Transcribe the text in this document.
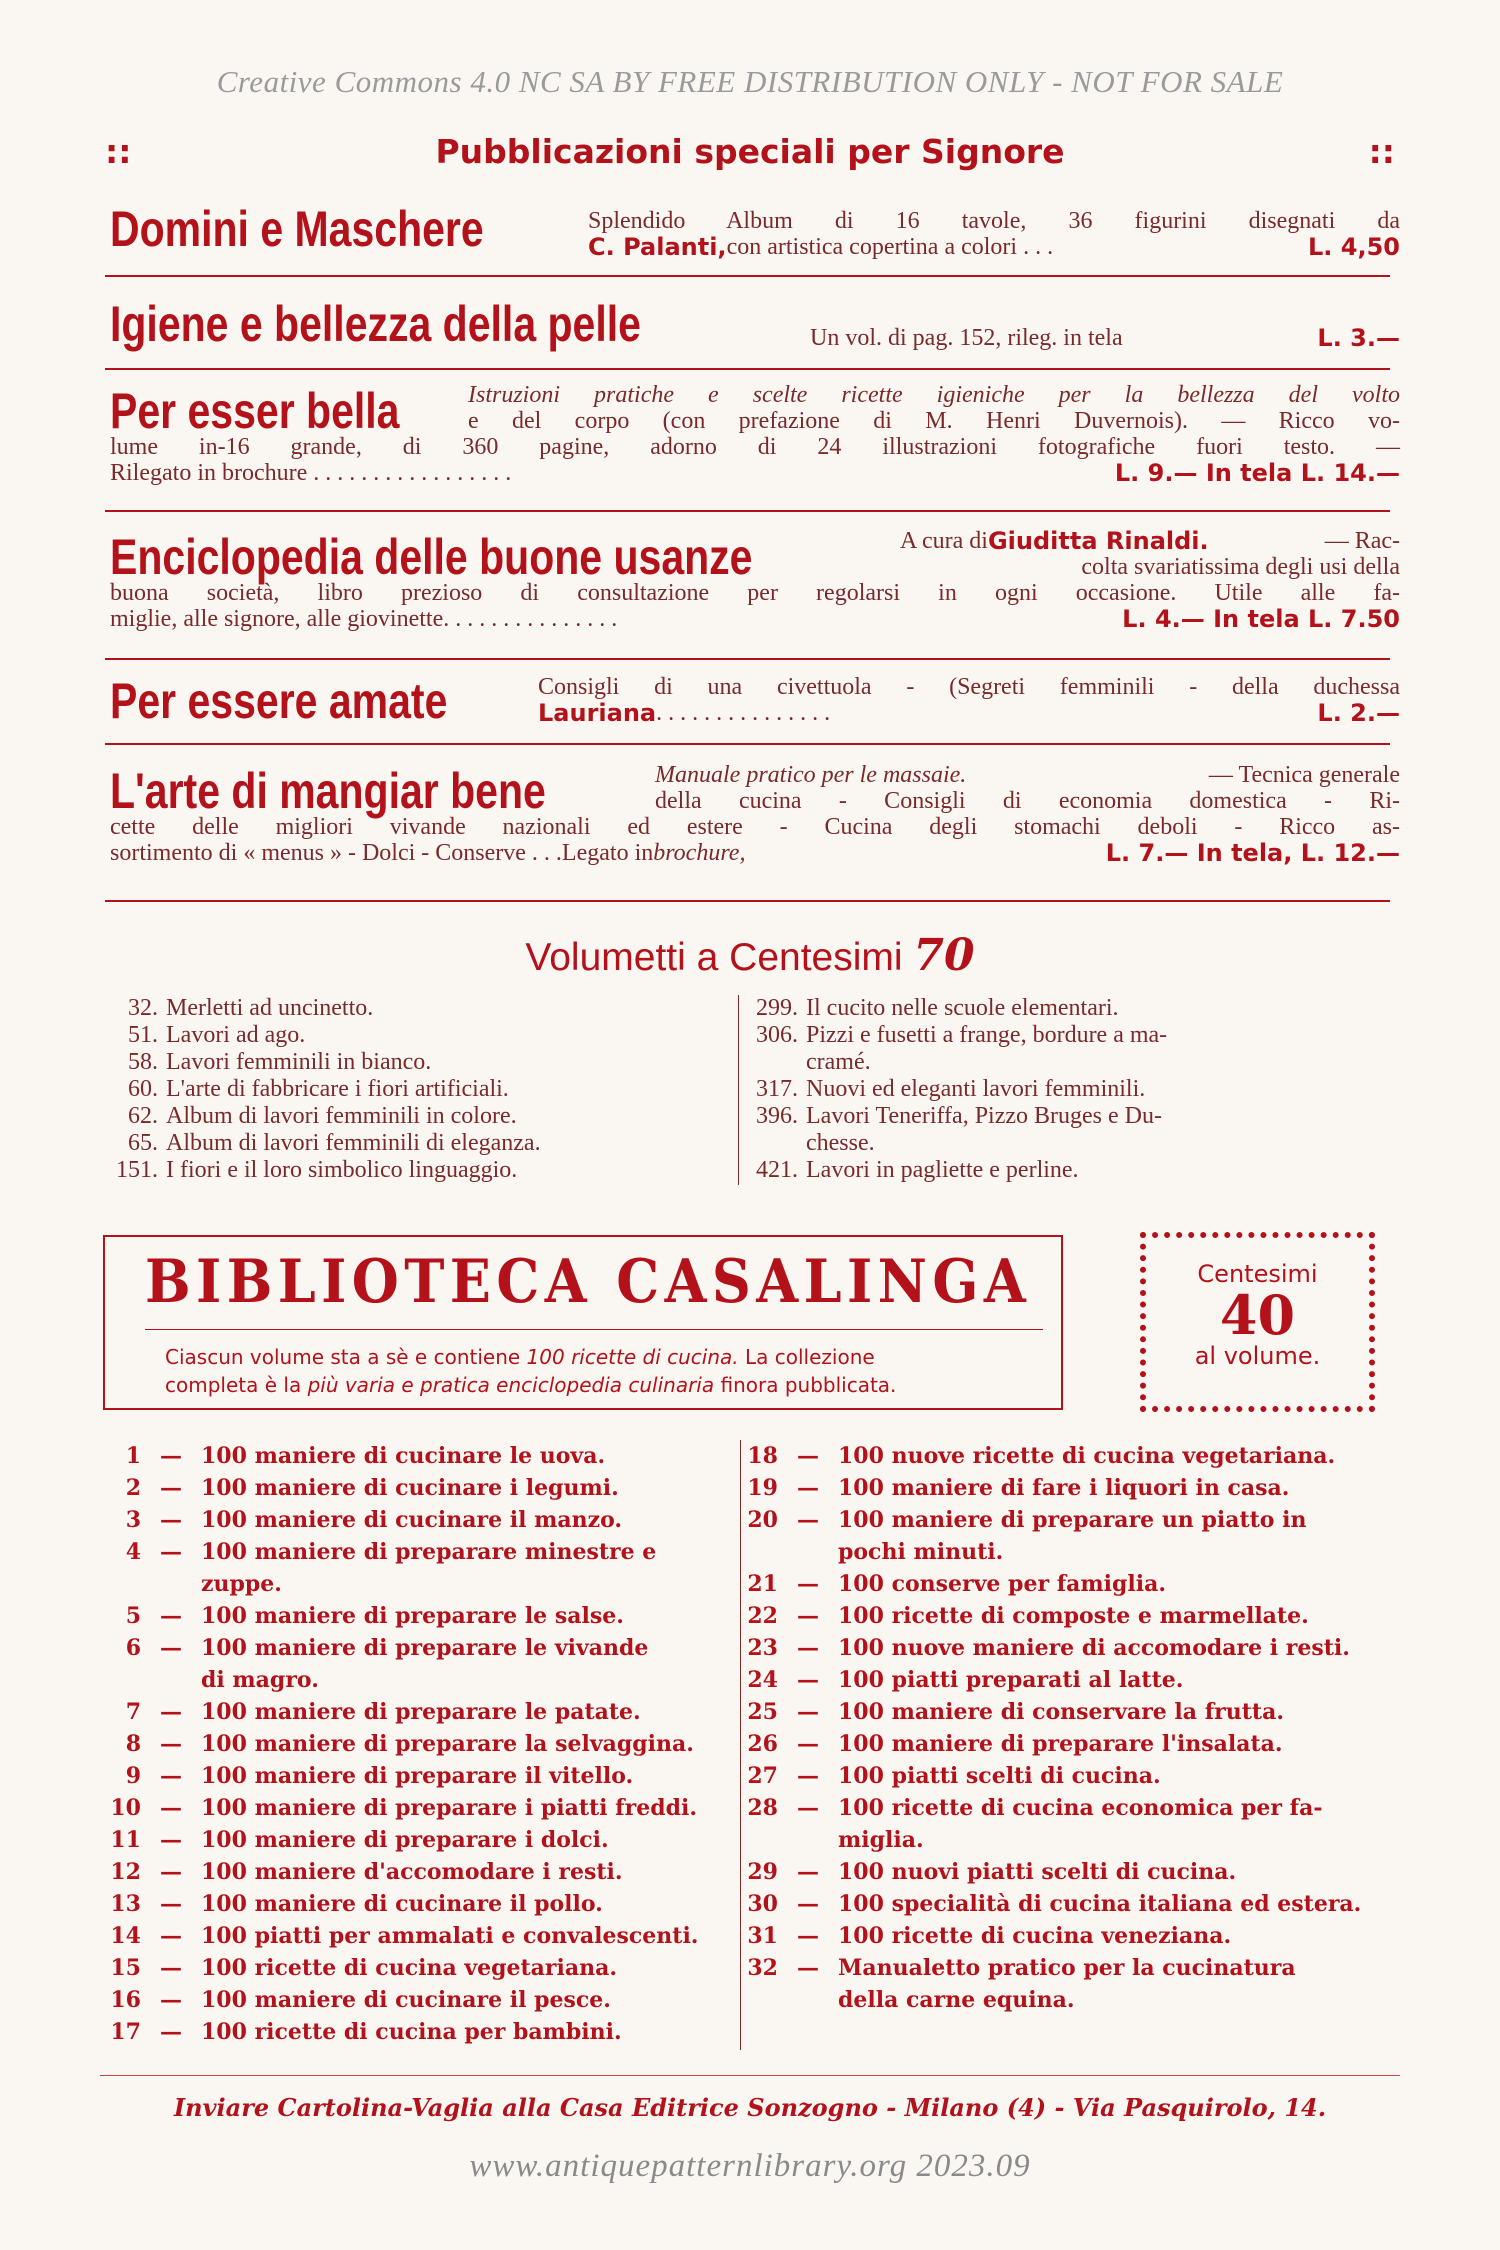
Creative Commons 4.0 NC SA BY FREE DISTRIBUTION ONLY - NOT FOR SALE
::	Pubblicazioni speciali per Signore	::
Domini e Maschere	Splendido Album di 16 tavole, 36 figurini disegnati da
C. Palanti, con artistica copertina a colori . . .	L. 4,50
Igiene e bellezza della pelle	Un vol. di pag. 152, rileg. in tela	L. 3.—
Per esser bella	Istruzioni pratiche e scelte ricette igieniche per la bellezza del volto
e del corpo (con prefazione di M. Henri Duvernois). — Ricco vo-
lume in-16 grande, di 360 pagine, adorno di 24 illustrazioni fotografiche fuori testo. —
Rilegato in brochure . . . . . . . . . . . . . . . . .	L. 9.— In tela L. 14.—
Enciclopedia delle buone usanze	A cura di Giuditta Rinaldi.	— Rac-
colta svariatissima degli usi della
buona società, libro prezioso di consultazione per regolarsi in ogni occasione. Utile alle fa-
miglie, alle signore, alle giovinette. . . . . . . . . . . . . . .	L. 4.— In tela L. 7.50
Per essere amate	Consigli di una civettuola - (Segreti femminili - della duchessa
Lauriana . . . . . . . . . . . . . . .	L. 2.—
L'arte di mangiar bene	Manuale pratico per le massaie.	— Tecnica generale
della cucina - Consigli di economia domestica - Ri-
cette delle migliori vivande nazionali ed estere - Cucina degli stomachi deboli - Ricco as-
sortimento di « menus » - Dolci - Conserve . . .Legato in brochure,	L. 7.— In tela, L. 12.—
Volumetti a Centesimi 70
32. Merletti ad uncinetto.
51. Lavori ad ago.
58. Lavori femminili in bianco.
60. L'arte di fabbricare i fiori artificiali.
62. Album di lavori femminili in colore.
65. Album di lavori femminili di eleganza.
151. I fiori e il loro simbolico linguaggio.
299. Il cucito nelle scuole elementari.
306. Pizzi e fusetti a frange, bordure a ma-
cramé.
317. Nuovi ed eleganti lavori femminili.
396. Lavori Teneriffa, Pizzo Bruges e Du-
chesse.
421. Lavori in pagliette e perline.
BIBLIOTECA CASALINGA
Ciascun volume sta a sè e contiene 100 ricette di cucina. La collezione
completa è la più varia e pratica enciclopedia culinaria finora pubblicata.
Centesimi
40
al volume.
1 — 100 maniere di cucinare le uova.
2 — 100 maniere di cucinare i legumi.
3 — 100 maniere di cucinare il manzo.
4 — 100 maniere di preparare minestre e
zuppe.
5 — 100 maniere di preparare le salse.
6 — 100 maniere di preparare le vivande
di magro.
7 — 100 maniere di preparare le patate.
8 — 100 maniere di preparare la selvaggina.
9 — 100 maniere di preparare il vitello.
10 — 100 maniere di preparare i piatti freddi.
11 — 100 maniere di preparare i dolci.
12 — 100 maniere d'accomodare i resti.
13 — 100 maniere di cucinare il pollo.
14 — 100 piatti per ammalati e convalescenti.
15 — 100 ricette di cucina vegetariana.
16 — 100 maniere di cucinare il pesce.
17 — 100 ricette di cucina per bambini.
18 — 100 nuove ricette di cucina vegetariana.
19 — 100 maniere di fare i liquori in casa.
20 — 100 maniere di preparare un piatto in
pochi minuti.
21 — 100 conserve per famiglia.
22 — 100 ricette di composte e marmellate.
23 — 100 nuove maniere di accomodare i resti.
24 — 100 piatti preparati al latte.
25 — 100 maniere di conservare la frutta.
26 — 100 maniere di preparare l'insalata.
27 — 100 piatti scelti di cucina.
28 — 100 ricette di cucina economica per fa-
miglia.
29 — 100 nuovi piatti scelti di cucina.
30 — 100 specialità di cucina italiana ed estera.
31 — 100 ricette di cucina veneziana.
32 — Manualetto pratico per la cucinatura
della carne equina.
Inviare Cartolina-Vaglia alla Casa Editrice Sonzogno - Milano (4) - Via Pasquirolo, 14.
www.antiquepatternlibrary.org 2023.09
